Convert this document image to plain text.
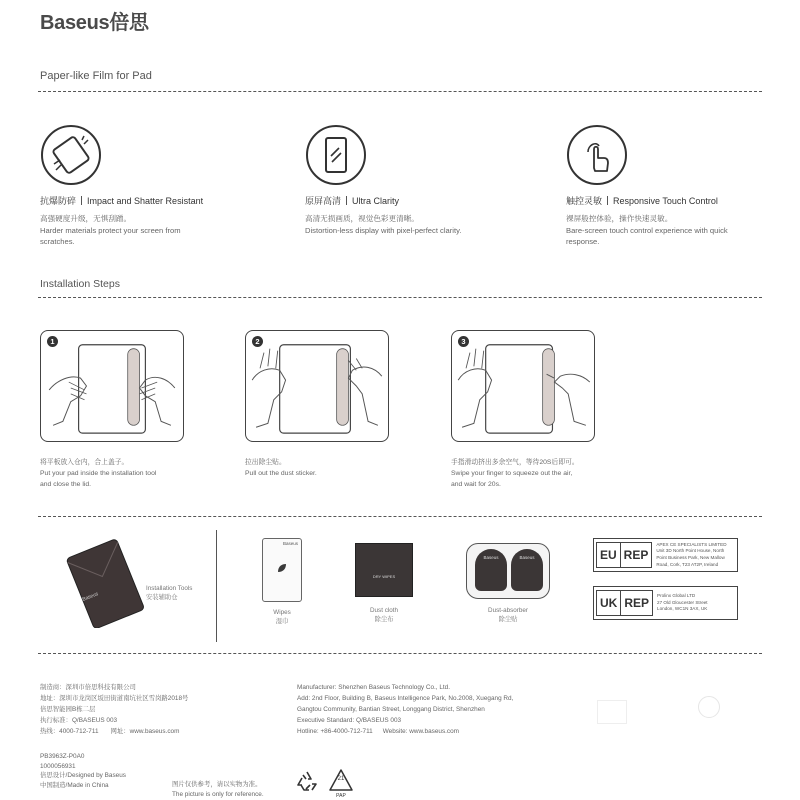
Baseus倍思
Paper-like Film for Pad
抗爆防碎 Impact and Shatter Resistant

高强硬度升级，无惧刮蹭。

Harder materials protect your screen from scratches.

原屏高清 Ultra Clarity

高清无损画质，视觉色彩更清晰。

Distortion-less display with pixel-perfect clarity.

触控灵敏 Responsive Touch Control

裸屏般控体验，操作快速灵敏。

Bare-screen touch control experience with quick response.

Installation Steps
1	2	3
将平板放入仓内，合上盖子。
Put your pad inside the installation tool
and close the lid.
拉出除尘贴。
Pull out the dust sticker.
手指滑动挤出多余空气，等待20S后即可。
Swipe your finger to squeeze out the air,
and wait for 20s.
Baseus
Installation Tools
安装辅助仓
Baseus
Wipes
湿巾
DRY WIPES
Dust cloth
除尘布
Baseus	Baseus
Dust-absorber
除尘贴
EU REP
APEX CE SPECIALISTS LIMITED
Unit 3D North Point House, North
Point Business Park, New Mallow
Road, Cork, T23 AT2P, Ireland
UK REP
Prolinx Global LTD
27 Old Gloucester Street
London, WC1N 3AX, UK
制造商：深圳市倍思科技有限公司
地址：深圳市龙岗区坂田街道南坑社区雪岗路2018号
倍思智能园B栋二层
执行标准：Q/BASEUS 003
热线：4000-712-711 网址：www.baseus.com
Manufacturer: Shenzhen Baseus Technology Co., Ltd.
Add: 2nd Floor, Building B, Baseus Intelligence Park, No.2008, Xuegang Rd,
Gangtou Community, Bantian Street, Longgang District, Shenzhen
Executive Standard: Q/BASEUS 003
Hotline: +86-4000-712-711 Website: www.baseus.com
PB3963Z-P0A0
1000056931
倍思设计/Designed by Baseus
中国制造/Made in China	图片仅供参考，请以实物为准。
The picture is only for reference.
21
PAP
